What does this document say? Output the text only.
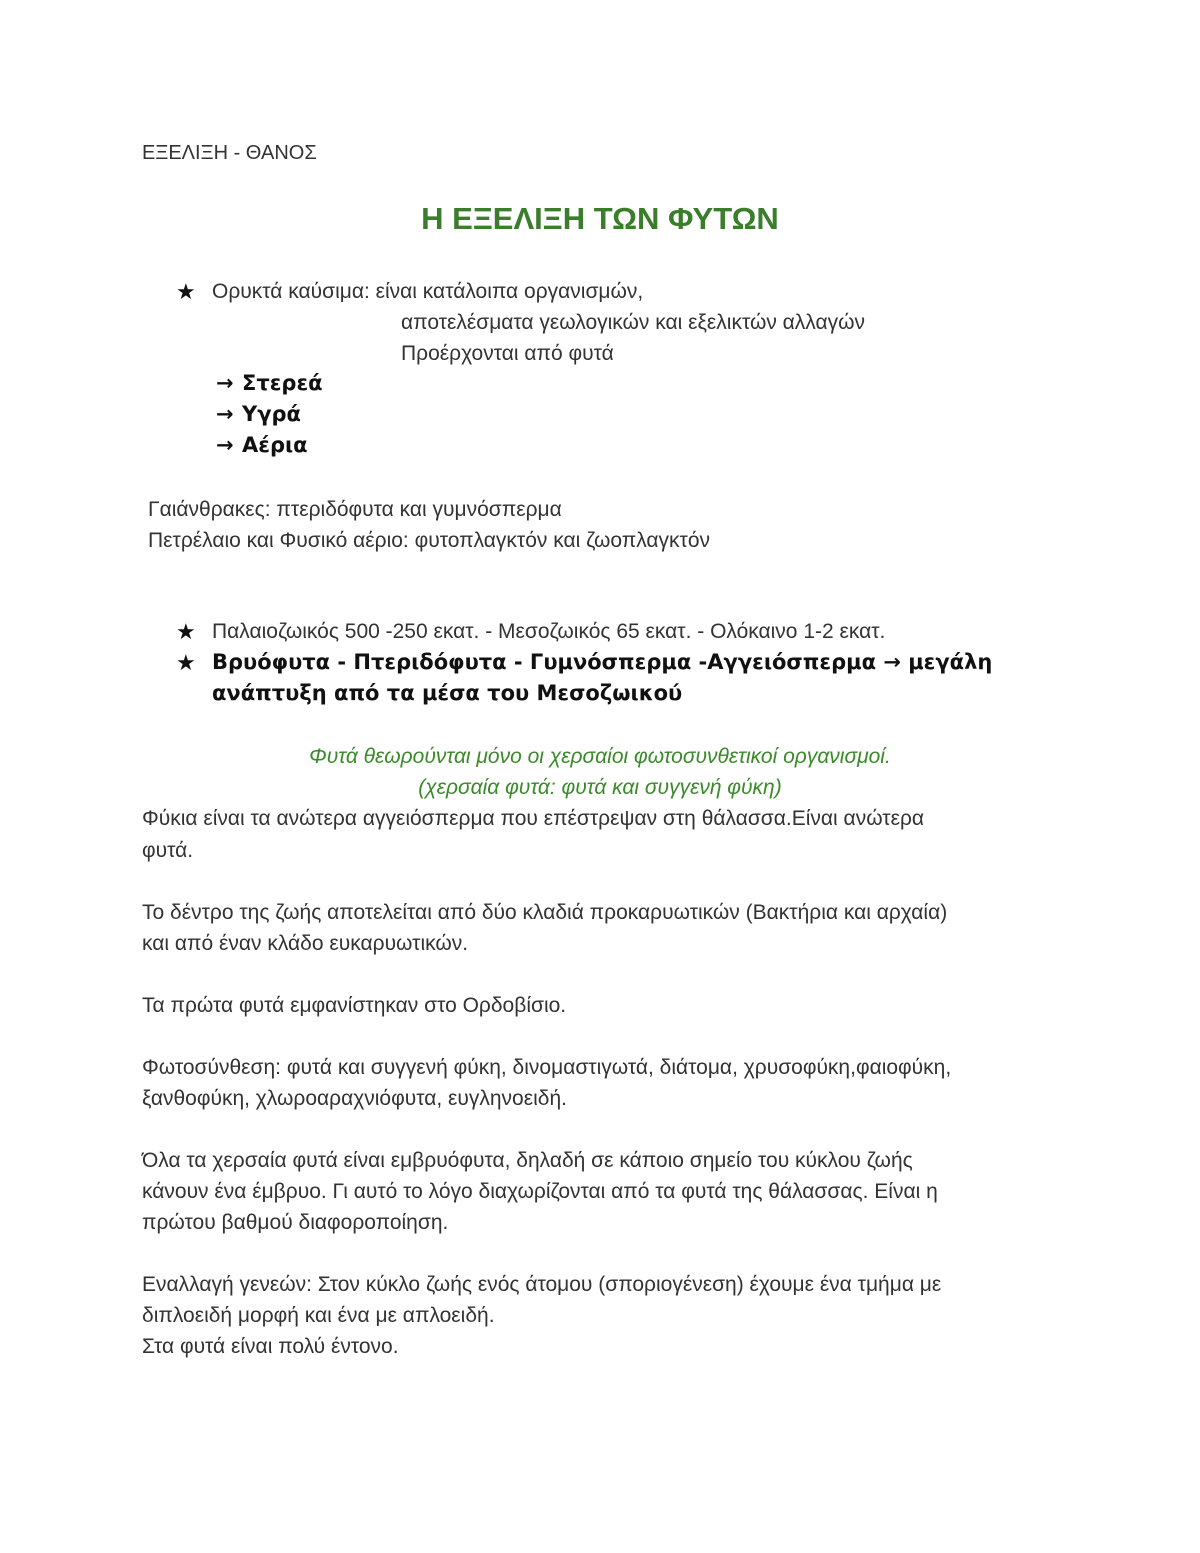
ΕΞΕΛΙΞΗ - ΘΑΝΟΣ
Η ΕΞΕΛΙΞΗ ΤΩΝ ΦΥΤΩΝ
★ Ορυκτά καύσιμα: είναι κατάλοιπα οργανισμών,
αποτελέσματα γεωλογικών και εξελικτών αλλαγών
Προέρχονται από φυτά
→ Στερεά
→ Υγρά
→ Αέρια
Γαιάνθρακες: πτεριδόφυτα και γυμνόσπερμα
Πετρέλαιο και Φυσικό αέριο: φυτοπλαγκτόν και ζωοπλαγκτόν
★ Παλαιοζωικός 500 -250 εκατ. - Μεσοζωικός 65 εκατ. - Ολόκαινο 1-2 εκατ.
★ Βρυόφυτα - Πτεριδόφυτα - Γυμνόσπερμα -Αγγειόσπερμα → μεγάλη
ανάπτυξη από τα μέσα του Μεσοζωικού
Φυτά θεωρούνται μόνο οι χερσαίοι φωτοσυνθετικοί οργανισμοί.
(χερσαία φυτά: φυτά και συγγενή φύκη)
Φύκια είναι τα ανώτερα αγγειόσπερμα που επέστρεψαν στη θάλασσα.Είναι ανώτερα
φυτά.
Το δέντρο της ζωής αποτελείται από δύο κλαδιά προκαρυωτικών (Βακτήρια και αρχαία)
και από έναν κλάδο ευκαρυωτικών.
Τα πρώτα φυτά εμφανίστηκαν στο Ορδοβίσιο.
Φωτοσύνθεση: φυτά και συγγενή φύκη, δινομαστιγωτά, διάτομα, χρυσοφύκη,φαιοφύκη,
ξανθοφύκη, χλωροαραχνιόφυτα, ευγληνοειδή.
Όλα τα χερσαία φυτά είναι εμβρυόφυτα, δηλαδή σε κάποιο σημείο του κύκλου ζωής
κάνουν ένα έμβρυο. Γι αυτό το λόγο διαχωρίζονται από τα φυτά της θάλασσας. Είναι η
πρώτου βαθμού διαφοροποίηση.
Εναλλαγή γενεών: Στον κύκλο ζωής ενός άτομου (σποριογένεση) έχουμε ένα τμήμα με
διπλοειδή μορφή και ένα με απλοειδή.
Στα φυτά είναι πολύ έντονο.
